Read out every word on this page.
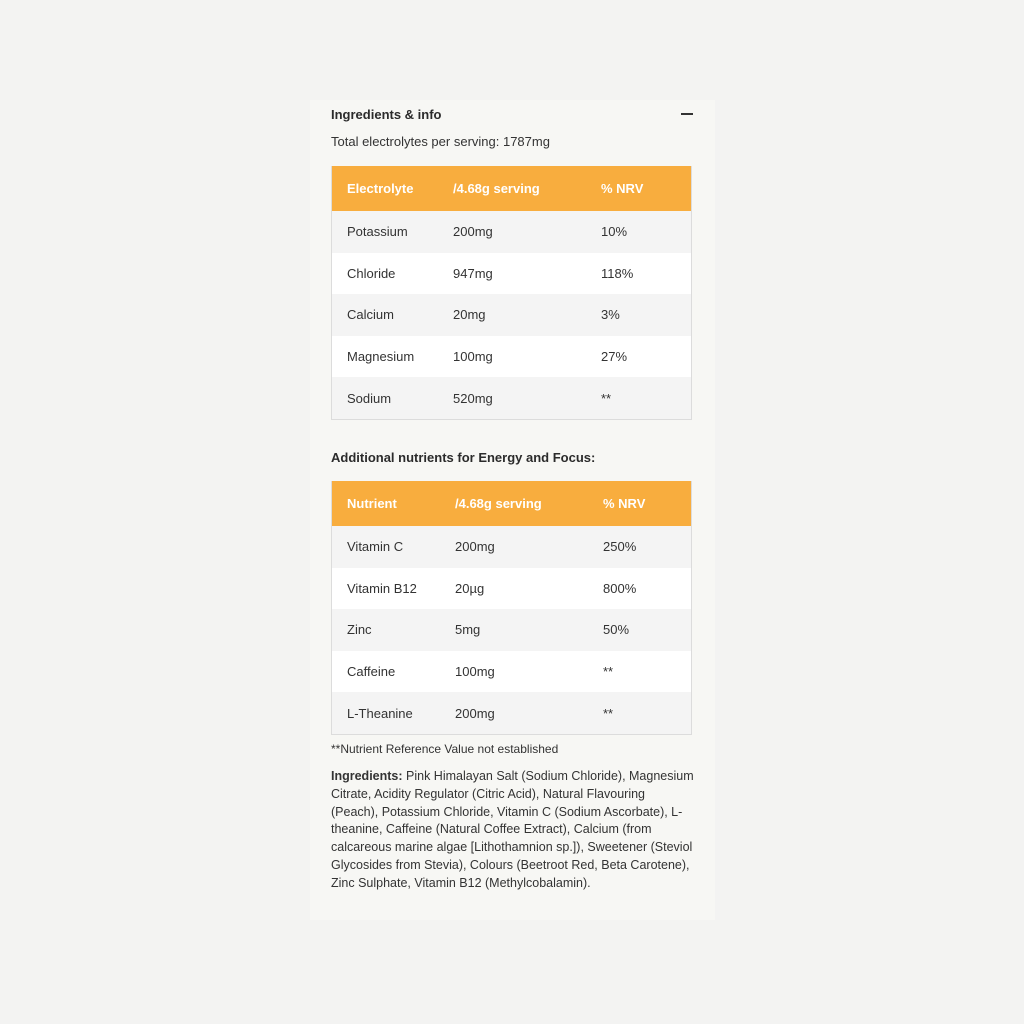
Ingredients & info
Total electrolytes per serving: 1787mg
Electrolyte	/4.68g serving	% NRV
Potassium	200mg	10%
Chloride	947mg	118%
Calcium	20mg	3%
Magnesium	100mg	27%
Sodium	520mg	**
Additional nutrients for Energy and Focus:
Nutrient	/4.68g serving	% NRV
Vitamin C	200mg	250%
Vitamin B12	20µg	800%
Zinc	5mg	50%
Caffeine	100mg	**
L-Theanine	200mg	**
**Nutrient Reference Value not established
Ingredients: Pink Himalayan Salt (Sodium Chloride), Magnesium Citrate, Acidity Regulator (Citric Acid), Natural Flavouring (Peach), Potassium Chloride, Vitamin C (Sodium Ascorbate), L-theanine, Caffeine (Natural Coffee Extract), Calcium (from calcareous marine algae [Lithothamnion sp.]), Sweetener (Steviol Glycosides from Stevia), Colours (Beetroot Red, Beta Carotene), Zinc Sulphate, Vitamin B12 (Methylcobalamin).
